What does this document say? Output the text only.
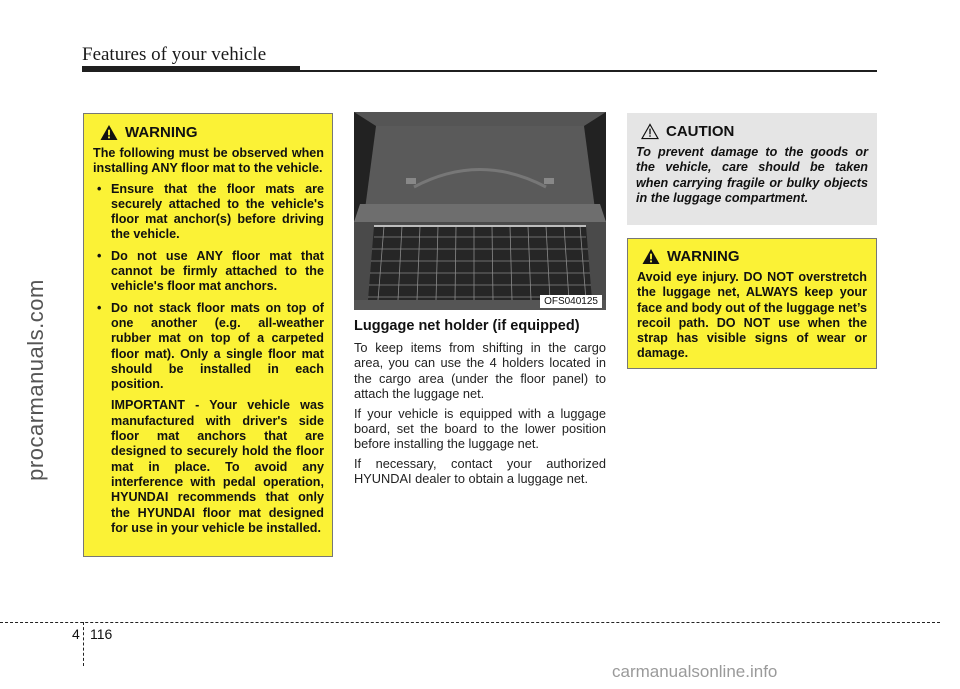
Features of your vehicle
procarmanuals.com
WARNING

The following must be observed when installing ANY floor mat to the vehicle.

• Ensure that the floor mats are securely attached to the vehicle's floor mat anchor(s) before driving the vehicle.
• Do not use ANY floor mat that cannot be firmly attached to the vehicle's floor mat anchors.
• Do not stack floor mats on top of one another (e.g. all-weather rubber mat on top of a carpeted floor mat). Only a single floor mat should be installed in each position.

IMPORTANT - Your vehicle was manufactured with driver's side floor mat anchors that are designed to securely hold the floor mat in place. To avoid any interference with pedal operation, HYUNDAI recommends that only the HYUNDAI floor mat designed for use in your vehicle be installed.

OFS040125
Luggage net holder (if equipped)

To keep items from shifting in the cargo area, you can use the 4 holders located in the cargo area (under the floor panel) to attach the luggage net.

If your vehicle is equipped with a luggage board, set the board to the lower position before installing the luggage net.

If necessary, contact your authorized HYUNDAI dealer to obtain a luggage net.

CAUTION

To prevent damage to the goods or the vehicle, care should be taken when carrying fragile or bulky objects in the luggage compartment.

WARNING

Avoid eye injury. DO NOT overstretch the luggage net, ALWAYS keep your face and body out of the luggage net’s recoil path. DO NOT use when the strap has visible signs of wear or damage.

4 116
carmanualsonline.info
